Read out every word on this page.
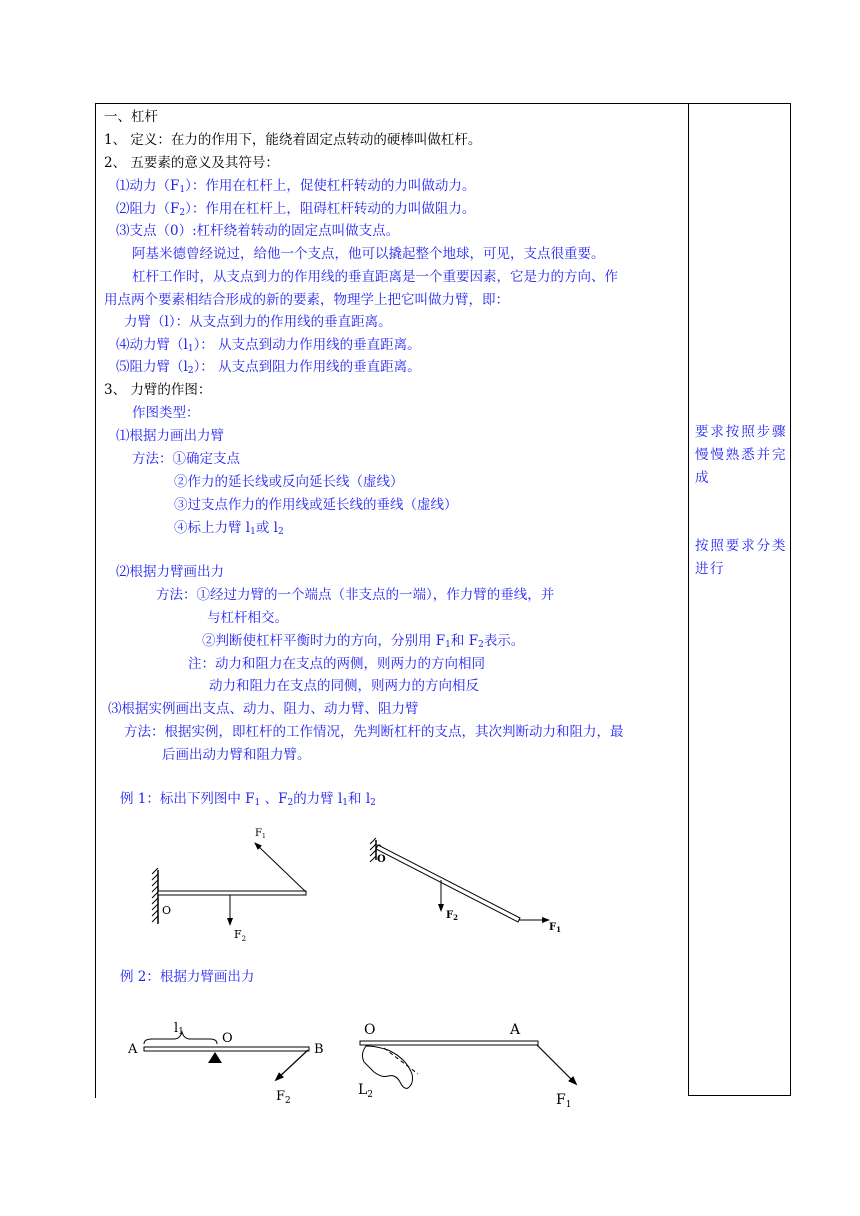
一、杠杆
1、 定义：在力的作用下，能绕着固定点转动的硬棒叫做杠杆。
2、 五要素的意义及其符号：
⑴动力$(F_1)$：作用在杠杆上，促使杠杆转动的力叫做动力。
⑵阻力$(F_2)$：作用在杠杆上，阻碍杠杆转动的力叫做阻力。
⑶支点（0）:杠杆绕着转动的固定点叫做支点。
阿基米德曾经说过，给他一个支点，他可以撬起整个地球，可见，支点很重要。
杠杆工作时，从支点到力的作用线的垂直距离是一个重要因素，它是力的方向、作
用点两个要素相结合形成的新的要素，物理学上把它叫做力臂，即：
力臂（l）：从支点到力的作用线的垂直距离。
⑷动力臂$(l_1)$： 从支点到动力作用线的垂直距离。
⑸阻力臂$(l_2)$： 从支点到阻力作用线的垂直距离。
3、 力臂的作图：
作图类型：
⑴根据力画出力臂
方法：①确定支点
②作力的延长线或反向延长线（虚线）
③过支点作力的作用线或延长线的垂线（虚线）
④标上力臂 $l_1$或 $l_2$
⑵根据力臂画出力
方法：①经过力臂的一个端点（非支点的一端），作力臂的垂线，并
与杠杆相交。
②判断使杠杆平衡时力的方向，分别用 $F_1$和 $F_2$表示。
注：动力和阻力在支点的两侧，则两力的方向相同
动力和阻力在支点的同侧，则两力的方向相反
⑶根据实例画出支点、动力、阻力、动力臂、阻力臂
方法：根据实例，即杠杆的工作情况，先判断杠杆的支点，其次判断动力和阻力，最
后画出动力臂和阻力臂。
例 1：标出下列图中 $F_1$ 、$F_2$的力臂 $l_1$和 $l_2$
例 2：根据力臂画出力
要求按照步骤慢慢熟悉并完成
按照要求分类进行
$F_1$
O
$F_2$
O
$F_2$
$F_1$
A	B
O
l1
$F_2$
O	A
$L_2$	$F_1$
